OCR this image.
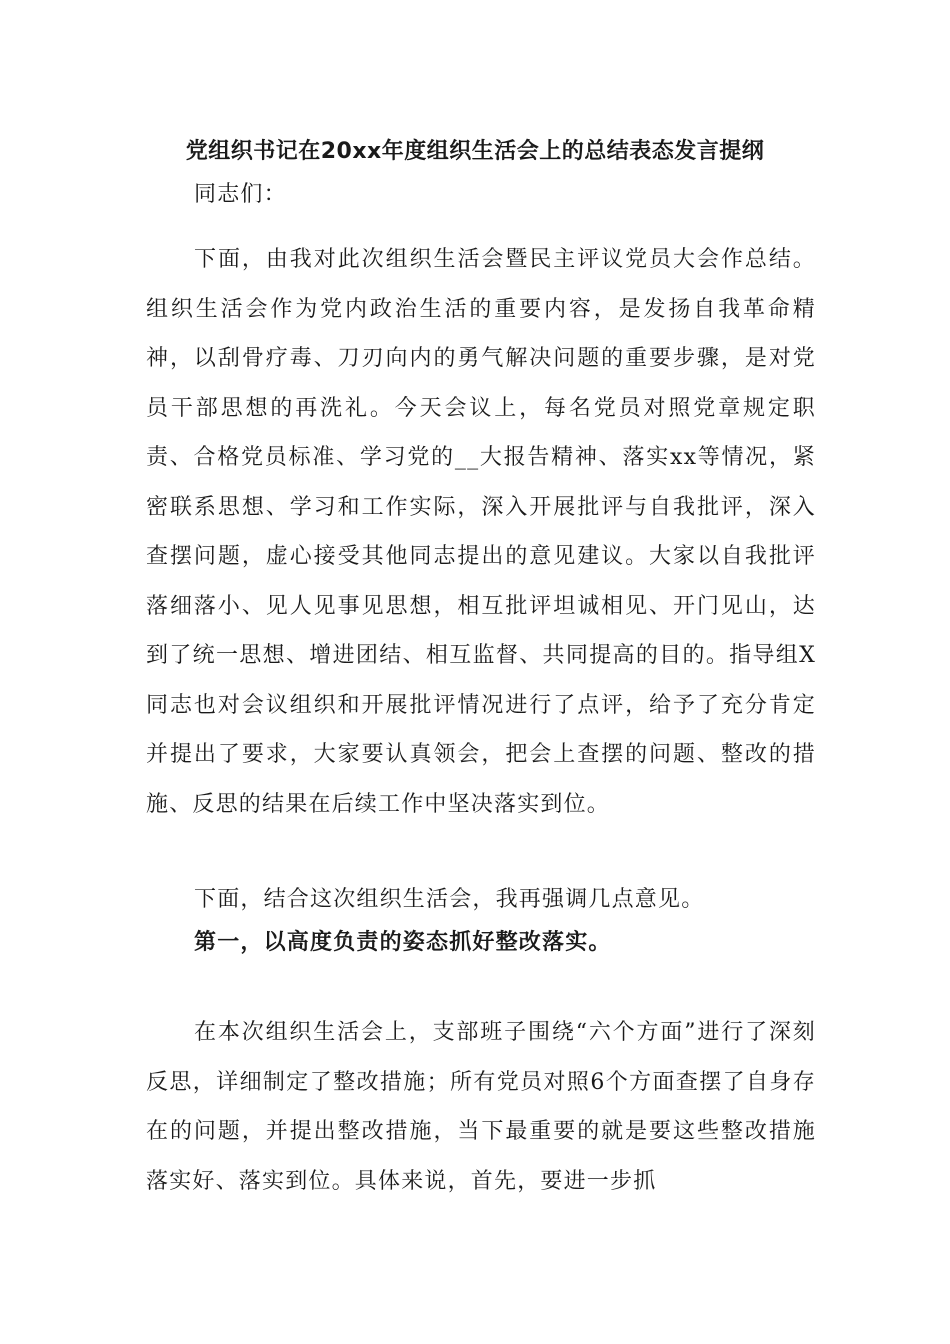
党组织书记在20xx年度组织生活会上的总结表态发言提纲
同志们：
下面，由我对此次组织生活会暨民主评议党员大会作总结。组织生活会作为党内政治生活的重要内容，是发扬自我革命精神，以刮骨疗毒、刀刃向内的勇气解决问题的重要步骤，是对党员干部思想的再洗礼。今天会议上，每名党员对照党章规定职责、合格党员标准、学习党的__大报告精神、落实xx等情况，紧密联系思想、学习和工作实际，深入开展批评与自我批评，深入查摆问题，虚心接受其他同志提出的意见建议。大家以自我批评落细落小、见人见事见思想，相互批评坦诚相见、开门见山，达到了统一思想、增进团结、相互监督、共同提高的目的。指导组X同志也对会议组织和开展批评情况进行了点评，给予了充分肯定并提出了要求，大家要认真领会，把会上查摆的问题、整改的措施、反思的结果在后续工作中坚决落实到位。
下面，结合这次组织生活会，我再强调几点意见。
第一，以高度负责的姿态抓好整改落实。
在本次组织生活会上，支部班子围绕“六个方面”进行了深刻反思，详细制定了整改措施；所有党员对照6个方面查摆了自身存在的问题，并提出整改措施，当下最重要的就是要这些整改措施落实好、落实到位。具体来说，首先，要进一步抓
